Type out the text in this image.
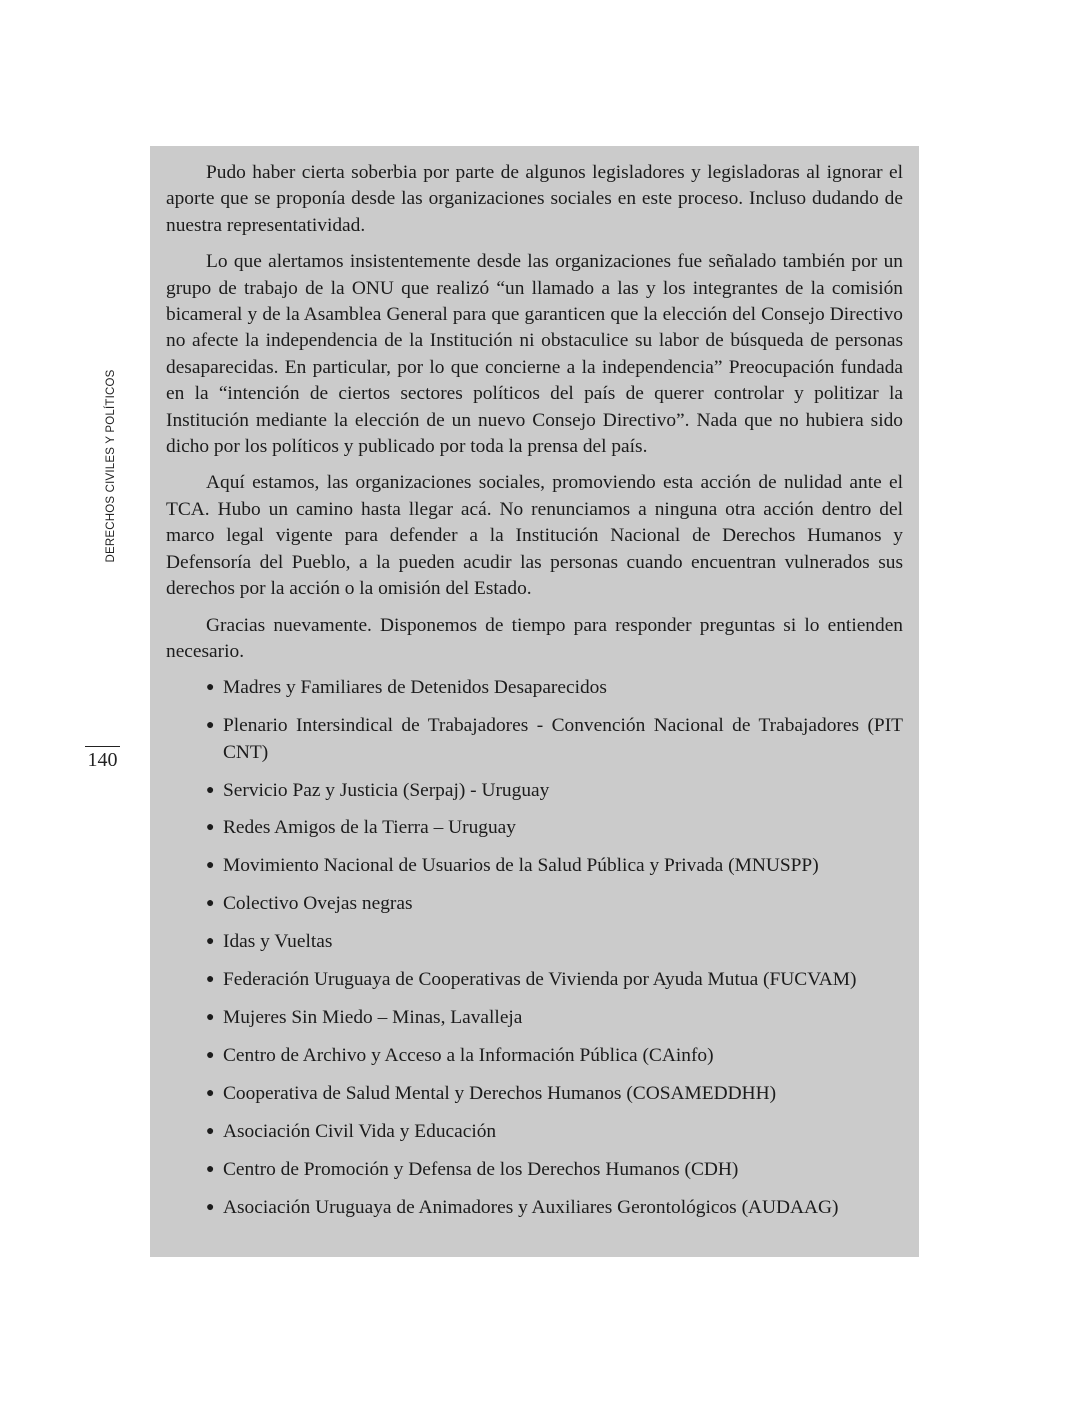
DERECHOS CIVILES Y POLÍTICOS
140

Pudo haber cierta soberbia por parte de algunos legisladores y legisladoras al ignorar el aporte que se proponía desde las organizaciones sociales en este proceso. Incluso dudando de nuestra representatividad.

Lo que alertamos insistentemente desde las organizaciones fue señalado también por un grupo de trabajo de la ONU que realizó “un llamado a las y los integrantes de la comisión bicameral y de la Asamblea General para que garanticen que la elección del Consejo Directivo no afecte la independencia de la Institución ni obstaculice su labor de búsqueda de personas desaparecidas. En particular, por lo que concierne a la independencia” Preocupación fundada en la “intención de ciertos sectores políticos del país de querer controlar y politizar la Institución mediante la elección de un nuevo Consejo Directivo”. Nada que no hubiera sido dicho por los políticos y publicado por toda la prensa del país.

Aquí estamos, las organizaciones sociales, promoviendo esta acción de nulidad ante el TCA. Hubo un camino hasta llegar acá. No renunciamos a ninguna otra acción dentro del marco legal vigente para defender a la Institución Nacional de Derechos Humanos y Defensoría del Pueblo, a la pueden acudir las personas cuando encuentran vulnerados sus derechos por la acción o la omisión del Estado.

Gracias nuevamente. Disponemos de tiempo para responder preguntas si lo entienden necesario.

● Madres y Familiares de Detenidos Desaparecidos
● Plenario Intersindical de Trabajadores - Convención Nacional de Trabajadores (PIT CNT)
● Servicio Paz y Justicia (Serpaj) - Uruguay
● Redes Amigos de la Tierra – Uruguay
● Movimiento Nacional de Usuarios de la Salud Pública y Privada (MNUSPP)
● Colectivo Ovejas negras
● Idas y Vueltas
● Federación Uruguaya de Cooperativas de Vivienda por Ayuda Mutua (FUCVAM)
● Mujeres Sin Miedo – Minas, Lavalleja
● Centro de Archivo y Acceso a la Información Pública (CAinfo)
● Cooperativa de Salud Mental y Derechos Humanos (COSAMEDDHH)
● Asociación Civil Vida y Educación
● Centro de Promoción y Defensa de los Derechos Humanos (CDH)
● Asociación Uruguaya de Animadores y Auxiliares Gerontológicos (AUDAAG)
